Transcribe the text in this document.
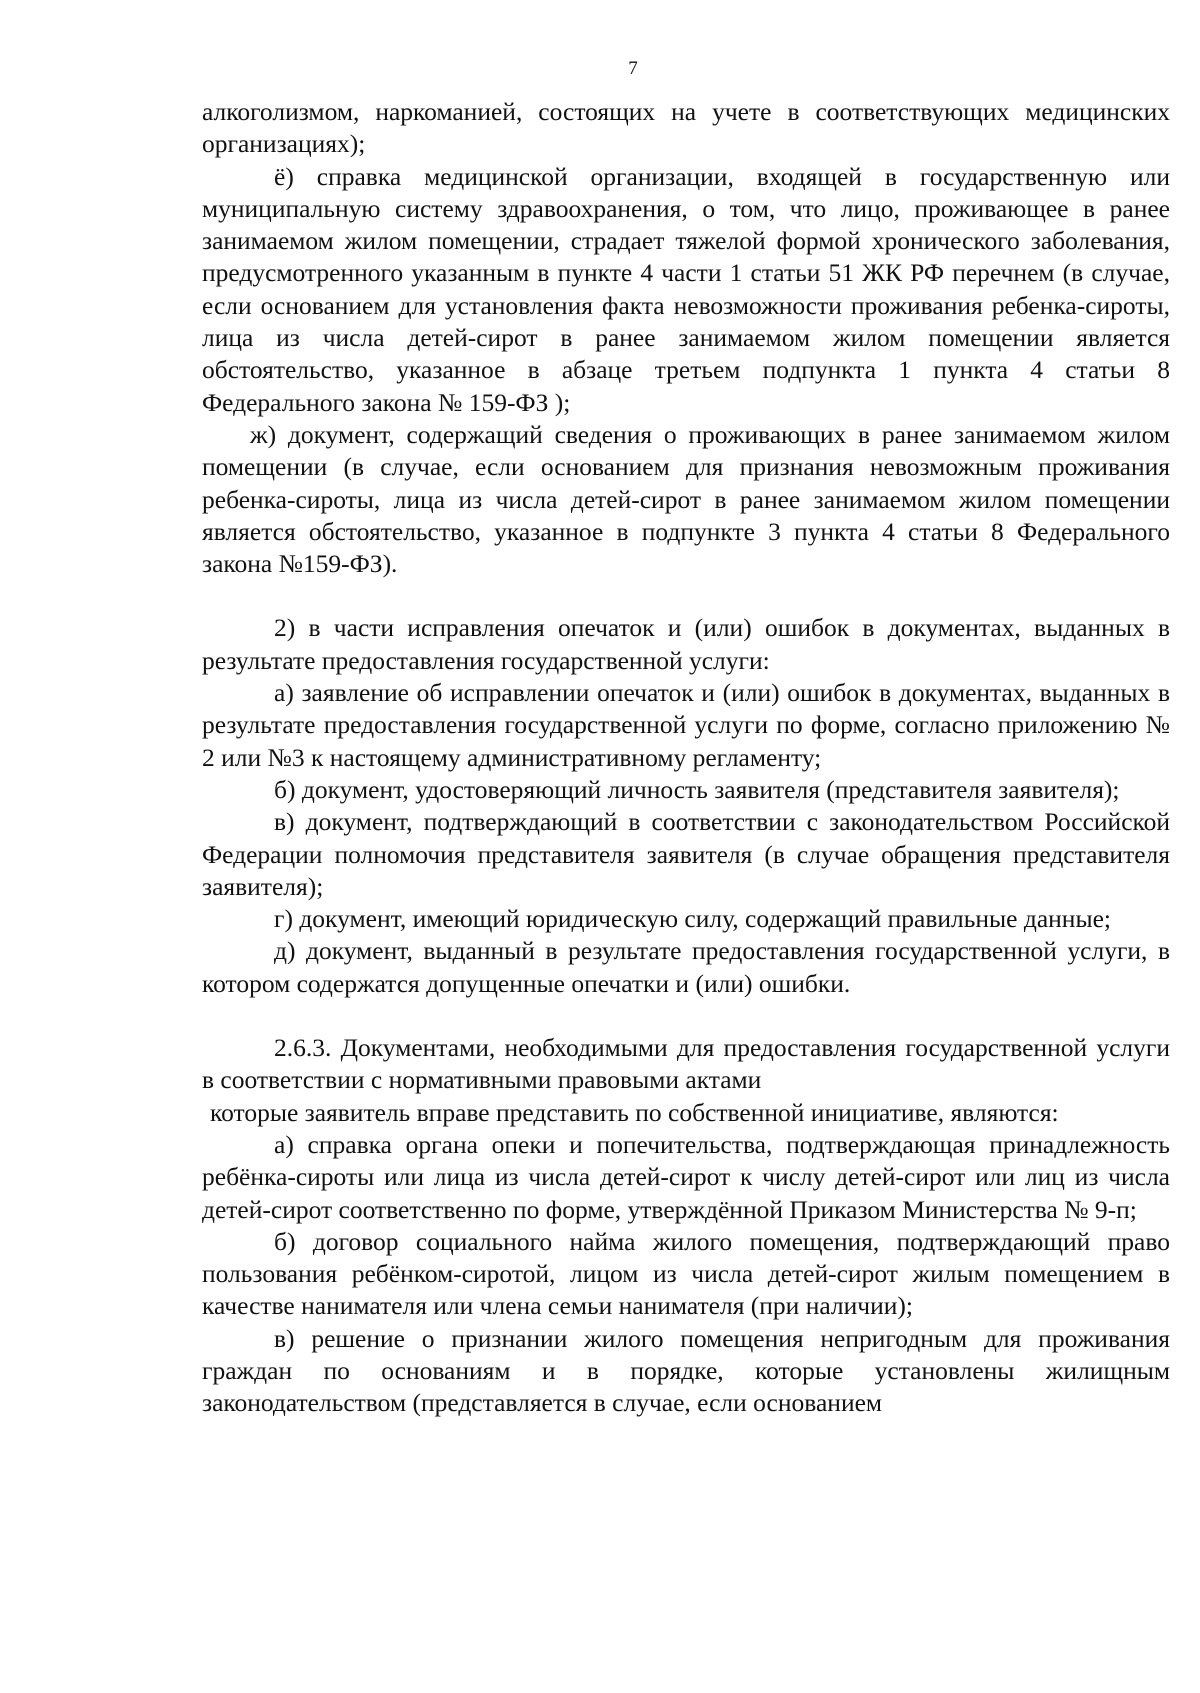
7

алкоголизмом, наркоманией, состоящих на учете в соответствующих медицинских организациях);

ё) справка медицинской организации, входящей в государственную или муниципальную систему здравоохранения, о том, что лицо, проживающее в ранее занимаемом жилом помещении, страдает тяжелой формой хронического заболевания, предусмотренного указанным в пункте 4 части 1 статьи 51 ЖК РФ перечнем (в случае, если основанием для установления факта невозможности проживания ребенка-сироты, лица из числа детей-сирот в ранее занимаемом жилом помещении является обстоятельство, указанное в абзаце третьем подпункта 1 пункта 4 статьи 8 Федерального закона № 159-ФЗ );

ж) документ, содержащий сведения о проживающих в ранее занимаемом жилом помещении (в случае, если основанием для признания невозможным проживания ребенка-сироты, лица из числа детей-сирот в ранее занимаемом жилом помещении является обстоятельство, указанное в подпункте 3 пункта 4 статьи 8 Федерального закона №159-ФЗ).

2) в части исправления опечаток и (или) ошибок в документах, выданных в результате предоставления государственной услуги:

а) заявление об исправлении опечаток и (или) ошибок в документах, выданных в результате предоставления государственной услуги по форме, согласно приложению № 2 или №3 к настоящему административному регламенту;

б) документ, удостоверяющий личность заявителя (представителя заявителя);

в) документ, подтверждающий в соответствии с законодательством Российской Федерации полномочия представителя заявителя (в случае обращения представителя заявителя);

г) документ, имеющий юридическую силу, содержащий правильные данные;

д) документ, выданный в результате предоставления государственной услуги, в котором содержатся допущенные опечатки и (или) ошибки.

2.6.3. Документами, необходимыми для предоставления государственной услуги в соответствии с нормативными правовыми актами

которые заявитель вправе представить по собственной инициативе, являются:

а) справка органа опеки и попечительства, подтверждающая принадлежность ребёнка-сироты или лица из числа детей-сирот к числу детей-сирот или лиц из числа детей-сирот соответственно по форме, утверждённой Приказом Министерства № 9-п;

б) договор социального найма жилого помещения, подтверждающий право пользования ребёнком-сиротой, лицом из числа детей-сирот жилым помещением в качестве нанимателя или члена семьи нанимателя (при наличии);

в) решение о признании жилого помещения непригодным для проживания граждан по основаниям и в порядке, которые установлены жилищным законодательством (представляется в случае, если основанием
